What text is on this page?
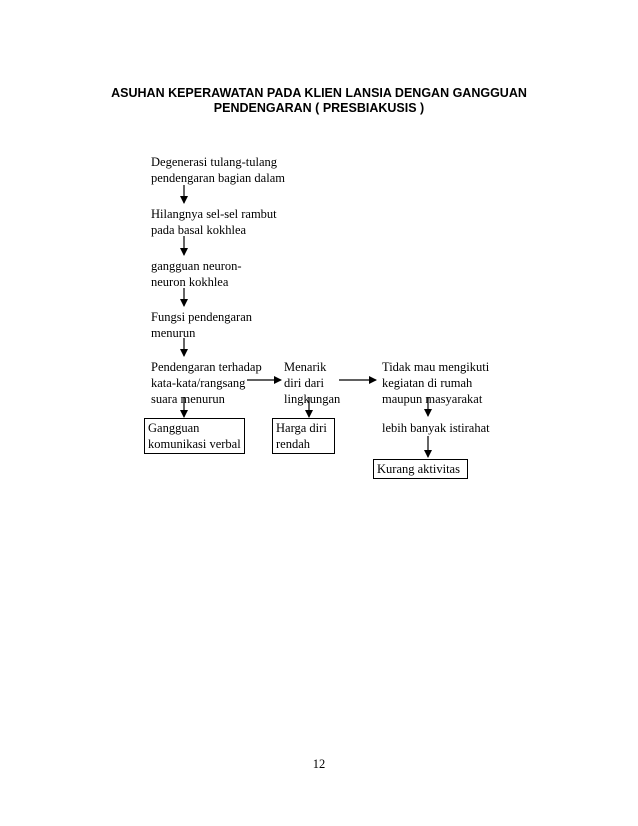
ASUHAN KEPERAWATAN PADA KLIEN LANSIA DENGAN GANGGUAN
PENDENGARAN ( PRESBIAKUSIS )
Degenerasi tulang-tulang
pendengaran bagian dalam
Hilangnya sel-sel rambut
pada basal kokhlea
gangguan neuron-
neuron kokhlea
Fungsi pendengaran
menurun
Pendengaran terhadap
kata-kata/rangsang
suara menurun
Menarik
diri dari
lingkungan
Tidak mau mengikuti
kegiatan di rumah
maupun masyarakat
Gangguan
komunikasi verbal
Harga diri
rendah
lebih banyak istirahat
Kurang aktivitas
12
